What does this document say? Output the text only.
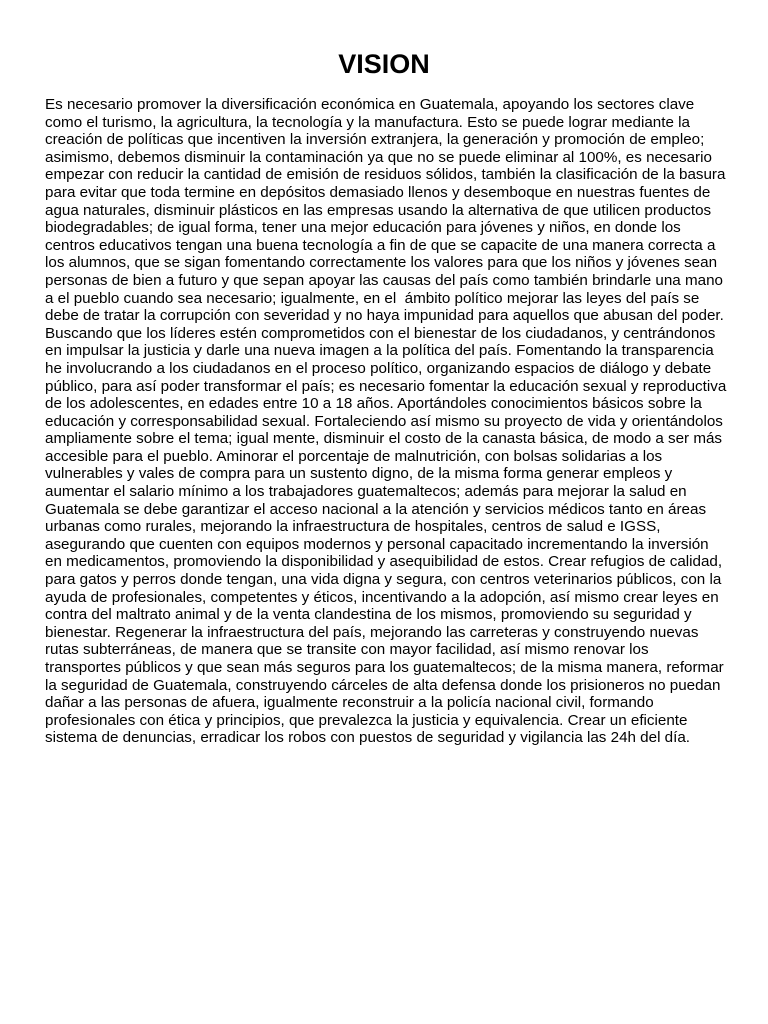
VISION
Es necesario promover la diversificación económica en Guatemala, apoyando los sectores clave
como el turismo, la agricultura, la tecnología y la manufactura. Esto se puede lograr mediante la
creación de políticas que incentiven la inversión extranjera, la generación y promoción de empleo;
asimismo, debemos disminuir la contaminación ya que no se puede eliminar al 100%, es necesario
empezar con reducir la cantidad de emisión de residuos sólidos, también la clasificación de la basura
para evitar que toda termine en depósitos demasiado llenos y desemboque en nuestras fuentes de
agua naturales, disminuir plásticos en las empresas usando la alternativa de que utilicen productos
biodegradables; de igual forma, tener una mejor educación para jóvenes y niños, en donde los
centros educativos tengan una buena tecnología a fin de que se capacite de una manera correcta a
los alumnos, que se sigan fomentando correctamente los valores para que los niños y jóvenes sean
personas de bien a futuro y que sepan apoyar las causas del país como también brindarle una mano
a el pueblo cuando sea necesario; igualmente, en el  ámbito político mejorar las leyes del país se
debe de tratar la corrupción con severidad y no haya impunidad para aquellos que abusan del poder.
Buscando que los líderes estén comprometidos con el bienestar de los ciudadanos, y centrándonos
en impulsar la justicia y darle una nueva imagen a la política del país. Fomentando la transparencia
he involucrando a los ciudadanos en el proceso político, organizando espacios de diálogo y debate
público, para así poder transformar el país; es necesario fomentar la educación sexual y reproductiva
de los adolescentes, en edades entre 10 a 18 años. Aportándoles conocimientos básicos sobre la
educación y corresponsabilidad sexual. Fortaleciendo así mismo su proyecto de vida y orientándolos
ampliamente sobre el tema; igual mente, disminuir el costo de la canasta básica, de modo a ser más
accesible para el pueblo. Aminorar el porcentaje de malnutrición, con bolsas solidarias a los
vulnerables y vales de compra para un sustento digno, de la misma forma generar empleos y
aumentar el salario mínimo a los trabajadores guatemaltecos; además para mejorar la salud en
Guatemala se debe garantizar el acceso nacional a la atención y servicios médicos tanto en áreas
urbanas como rurales, mejorando la infraestructura de hospitales, centros de salud e IGSS,
asegurando que cuenten con equipos modernos y personal capacitado incrementando la inversión
en medicamentos, promoviendo la disponibilidad y asequibilidad de estos. Crear refugios de calidad,
para gatos y perros donde tengan, una vida digna y segura, con centros veterinarios públicos, con la
ayuda de profesionales, competentes y éticos, incentivando a la adopción, así mismo crear leyes en
contra del maltrato animal y de la venta clandestina de los mismos, promoviendo su seguridad y
bienestar. Regenerar la infraestructura del país, mejorando las carreteras y construyendo nuevas
rutas subterráneas, de manera que se transite con mayor facilidad, así mismo renovar los
transportes públicos y que sean más seguros para los guatemaltecos; de la misma manera, reformar
la seguridad de Guatemala, construyendo cárceles de alta defensa donde los prisioneros no puedan
dañar a las personas de afuera, igualmente reconstruir a la policía nacional civil, formando
profesionales con ética y principios, que prevalezca la justicia y equivalencia. Crear un eficiente
sistema de denuncias, erradicar los robos con puestos de seguridad y vigilancia las 24h del día.
